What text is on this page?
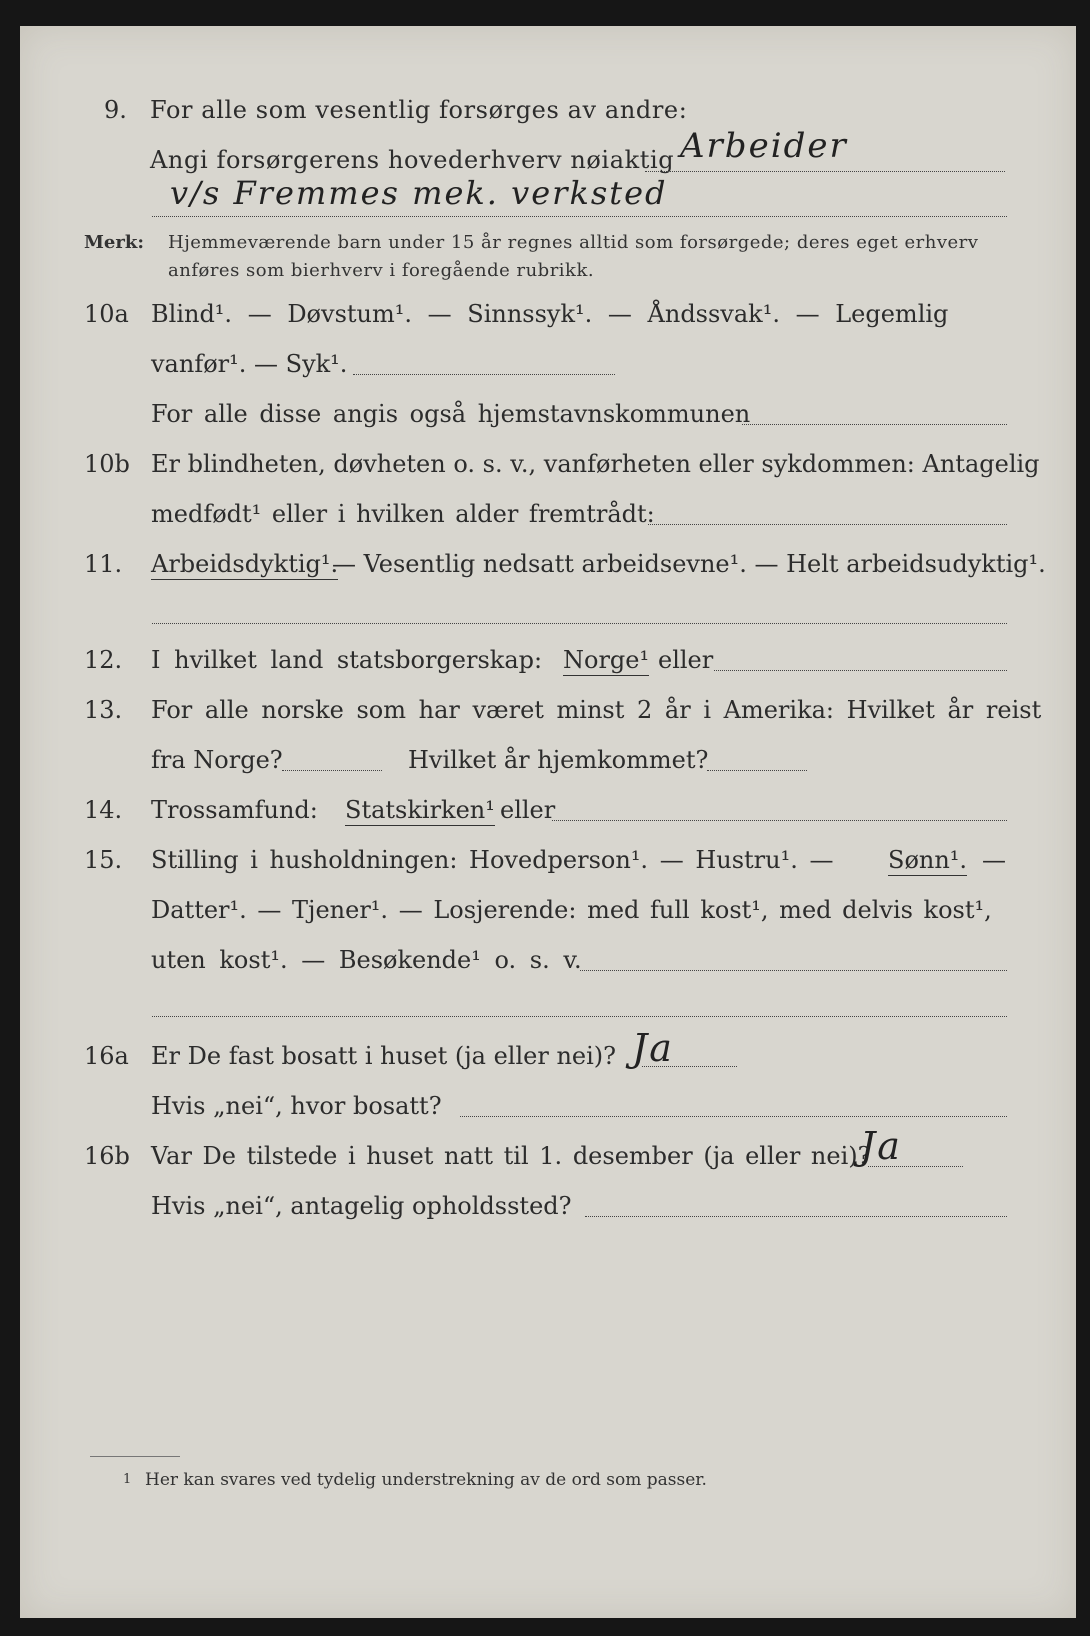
9. For alle som vesentlig forsørges av andre:
Angi forsørgerens hovederhverv nøiaktig Arbeider
v/s Fremmes mek. verksted
Merk: Hjemmeværende barn under 15 år regnes alltid som forsørgede; deres eget erhverv
anføres som bierhverv i foregående rubrikk.
10a Blind¹. — Døvstum¹. — Sinnssyk¹. — Åndssvak¹. — Legemlig
vanfør¹. — Syk¹.
For alle disse angis også hjemstavnskommunen
10b Er blindheten, døvheten o. s. v., vanførheten eller sykdommen: Antagelig
medfødt¹ eller i hvilken alder fremtrådt:
11. Arbeidsdyktig¹.
— Vesentlig nedsatt arbeidsevne¹. — Helt arbeidsudyktig¹.
12. I hvilket land statsborgerskap: Norge¹ eller
13. For alle norske som har været minst 2 år i Amerika: Hvilket år reist
fra Norge?	Hvilket år hjemkommet?
14. Trossamfund: Statskirken¹ eller
15. Stilling i husholdningen: Hovedperson¹. — Hustru¹. — Sønn¹. —
Datter¹. — Tjener¹. — Losjerende: med full kost¹, med delvis kost¹,
uten kost¹. — Besøkende¹ o. s. v.
16a Er De fast bosatt i huset (ja eller nei)? Ja
Hvis „nei“, hvor bosatt?
16b Var De tilstede i huset natt til 1. desember (ja eller nei)?
Ja
Hvis „nei“, antagelig opholdssted?
1 Her kan svares ved tydelig understrekning av de ord som passer.
